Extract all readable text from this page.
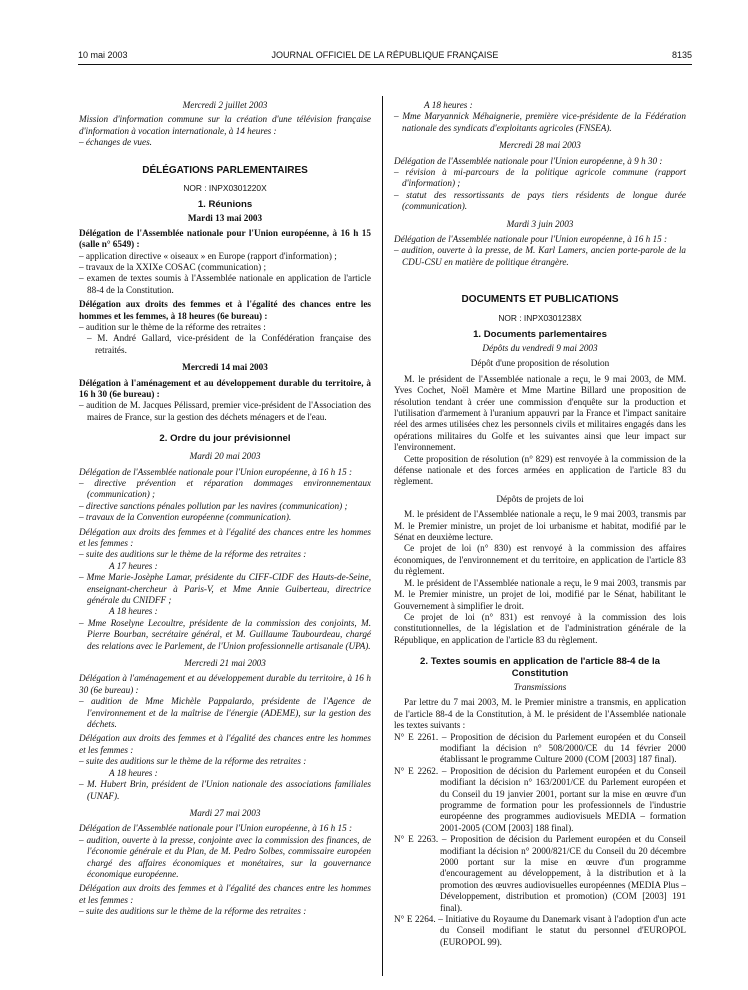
10 mai 2003	JOURNAL OFFICIEL DE LA RÉPUBLIQUE FRANÇAISE	8135

Mercredi 2 juillet 2003

Mission d'information commune sur la création d'une télévision française d'information à vocation internationale, à 14 heures :

– échanges de vues.

DÉLÉGATIONS PARLEMENTAIRES

NOR : INPX0301220X

1. Réunions

Mardi 13 mai 2003

Délégation de l'Assemblée nationale pour l'Union européenne, à 16 h 15 (salle n° 6549) :

– application directive « oiseaux » en Europe (rapport d'information) ;

– travaux de la XXIXe COSAC (communication) ;

– examen de textes soumis à l'Assemblée nationale en application de l'article 88-4 de la Constitution.

Délégation aux droits des femmes et à l'égalité des chances entre les hommes et les femmes, à 18 heures (6e bureau) :

– audition sur le thème de la réforme des retraites :

– M. André Gallard, vice-président de la Confédération française des retraités.

Mercredi 14 mai 2003

Délégation à l'aménagement et au développement durable du territoire, à 16 h 30 (6e bureau) :

– audition de M. Jacques Pélissard, premier vice-président de l'Association des maires de France, sur la gestion des déchets ménagers et de l'eau.

2. Ordre du jour prévisionnel

Mardi 20 mai 2003

Délégation de l'Assemblée nationale pour l'Union européenne, à 16 h 15 :

– directive prévention et réparation dommages environnementaux (communication) ;

– directive sanctions pénales pollution par les navires (communication) ;

– travaux de la Convention européenne (communication).

Délégation aux droits des femmes et à l'égalité des chances entre les hommes et les femmes :

– suite des auditions sur le thème de la réforme des retraites :

A 17 heures :

– Mme Marie-Josèphe Lamar, présidente du CIFF-CIDF des Hauts-de-Seine, enseignant-chercheur à Paris-V, et Mme Annie Guiberteau, directrice générale du CNIDFF ;

A 18 heures :

– Mme Roselyne Lecoultre, présidente de la commission des conjoints, M. Pierre Bourban, secrétaire général, et M. Guillaume Taubourdeau, chargé des relations avec le Parlement, de l'Union professionnelle artisanale (UPA).

Mercredi 21 mai 2003

Délégation à l'aménagement et au développement durable du territoire, à 16 h 30 (6e bureau) :

– audition de Mme Michèle Pappalardo, présidente de l'Agence de l'environnement et de la maîtrise de l'énergie (ADEME), sur la gestion des déchets.

Délégation aux droits des femmes et à l'égalité des chances entre les hommes et les femmes :

– suite des auditions sur le thème de la réforme des retraites :

A 18 heures :

– M. Hubert Brin, président de l'Union nationale des associations familiales (UNAF).

Mardi 27 mai 2003

Délégation de l'Assemblée nationale pour l'Union européenne, à 16 h 15 :

– audition, ouverte à la presse, conjointe avec la commission des finances, de l'économie générale et du Plan, de M. Pedro Solbes, commissaire européen chargé des affaires économiques et monétaires, sur la gouvernance économique européenne.

Délégation aux droits des femmes et à l'égalité des chances entre les hommes et les femmes :

– suite des auditions sur le thème de la réforme des retraites :

A 18 heures :

– Mme Maryannick Méhaignerie, première vice-présidente de la Fédération nationale des syndicats d'exploitants agricoles (FNSEA).

Mercredi 28 mai 2003

Délégation de l'Assemblée nationale pour l'Union européenne, à 9 h 30 :

– révision à mi-parcours de la politique agricole commune (rapport d'information) ;

– statut des ressortissants de pays tiers résidents de longue durée (communication).

Mardi 3 juin 2003

Délégation de l'Assemblée nationale pour l'Union européenne, à 16 h 15 :

– audition, ouverte à la presse, de M. Karl Lamers, ancien porte-parole de la CDU-CSU en matière de politique étrangère.

DOCUMENTS ET PUBLICATIONS

NOR : INPX0301238X

1. Documents parlementaires

Dépôts du vendredi 9 mai 2003

Dépôt d'une proposition de résolution

M. le président de l'Assemblée nationale a reçu, le 9 mai 2003, de MM. Yves Cochet, Noël Mamère et Mme Martine Billard une proposition de résolution tendant à créer une commission d'enquête sur la production et l'utilisation d'armement à l'uranium appauvri par la France et l'impact sanitaire réel des armes utilisées chez les personnels civils et militaires engagés dans les opérations militaires du Golfe et les suivantes ainsi que leur impact sur l'environnement.

Cette proposition de résolution (n° 829) est renvoyée à la commission de la défense nationale et des forces armées en application de l'article 83 du règlement.

Dépôts de projets de loi

M. le président de l'Assemblée nationale a reçu, le 9 mai 2003, transmis par M. le Premier ministre, un projet de loi urbanisme et habitat, modifié par le Sénat en deuxième lecture.

Ce projet de loi (n° 830) est renvoyé à la commission des affaires économiques, de l'environnement et du territoire, en application de l'article 83 du règlement.

M. le président de l'Assemblée nationale a reçu, le 9 mai 2003, transmis par M. le Premier ministre, un projet de loi, modifié par le Sénat, habilitant le Gouvernement à simplifier le droit.

Ce projet de loi (n° 831) est renvoyé à la commission des lois constitutionnelles, de la législation et de l'administration générale de la République, en application de l'article 83 du règlement.

2. Textes soumis en application de l'article 88-4 de la Constitution

Transmissions

Par lettre du 7 mai 2003, M. le Premier ministre a transmis, en application de l'article 88-4 de la Constitution, à M. le président de l'Assemblée nationale les textes suivants :

N° E 2261. – Proposition de décision du Parlement européen et du Conseil modifiant la décision n° 508/2000/CE du 14 février 2000 établissant le programme Culture 2000 (COM [2003] 187 final).

N° E 2262. – Proposition de décision du Parlement européen et du Conseil modifiant la décision n° 163/2001/CE du Parlement européen et du Conseil du 19 janvier 2001, portant sur la mise en œuvre d'un programme de formation pour les professionnels de l'industrie européenne des programmes audiovisuels MEDIA – formation 2001-2005 (COM [2003] 188 final).

N° E 2263. – Proposition de décision du Parlement européen et du Conseil modifiant la décision n° 2000/821/CE du Conseil du 20 décembre 2000 portant sur la mise en œuvre d'un programme d'encouragement au développement, à la distribution et à la promotion des œuvres audiovisuelles européennes (MEDIA Plus – Développement, distribution et promotion) (COM [2003] 191 final).

N° E 2264. – Initiative du Royaume du Danemark visant à l'adoption d'un acte du Conseil modifiant le statut du personnel d'EUROPOL (EUROPOL 99).
